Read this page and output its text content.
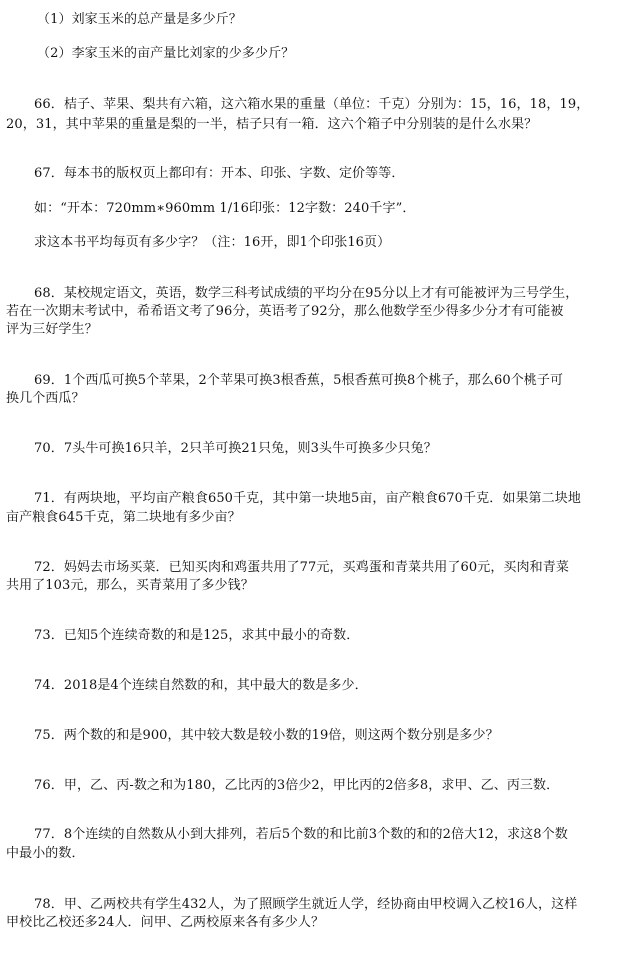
（1）刘家玉米的总产量是多少斤？
（2）李家玉米的亩产量比刘家的少多少斤？
66．桔子、苹果、梨共有六箱，这六箱水果的重量（单位：千克）分别为：15，16，18，19，
20，31，其中苹果的重量是梨的一半，桔子只有一箱．这六个箱子中分别装的是什么水果？
67．每本书的版权页上都印有：开本、印张、字数、定价等等．
如：“开本：720mm∗960mm 1/16印张：12字数：240千字”．
求这本书平均每页有多少字？（注：16开，即1个印张16页）
68．某校规定语文，英语，数学三科考试成绩的平均分在95分以上才有可能被评为三号学生，
若在一次期末考试中，希希语文考了96分，英语考了92分，那么他数学至少得多少分才有可能被
评为三好学生？
69．1个西瓜可换5个苹果，2个苹果可换3根香蕉，5根香蕉可换8个桃子，那么60个桃子可
换几个西瓜？
70．7头牛可换16只羊，2只羊可换21只兔，则3头牛可换多少只兔？
71．有两块地，平均亩产粮食650千克，其中第一块地5亩，亩产粮食670千克．如果第二块地
亩产粮食645千克，第二块地有多少亩？
72．妈妈去市场买菜．已知买肉和鸡蛋共用了77元，买鸡蛋和青菜共用了60元，买肉和青菜
共用了103元，那么，买青菜用了多少钱？
73．已知5个连续奇数的和是125，求其中最小的奇数．
74．2018是4个连续自然数的和，其中最大的数是多少．
75．两个数的和是900，其中较大数是较小数的19倍，则这两个数分别是多少？
76．甲，乙、丙-数之和为180，乙比丙的3倍少2，甲比丙的2倍多8，求甲、乙、丙三数．
77．8个连续的自然数从小到大排列，若后5个数的和比前3个数的和的2倍大12，求这8个数
中最小的数．
78．甲、乙两校共有学生432人，为了照顾学生就近人学，经协商由甲校调入乙校16人，这样
甲校比乙校还多24人．问甲、乙两校原来各有多少人？
